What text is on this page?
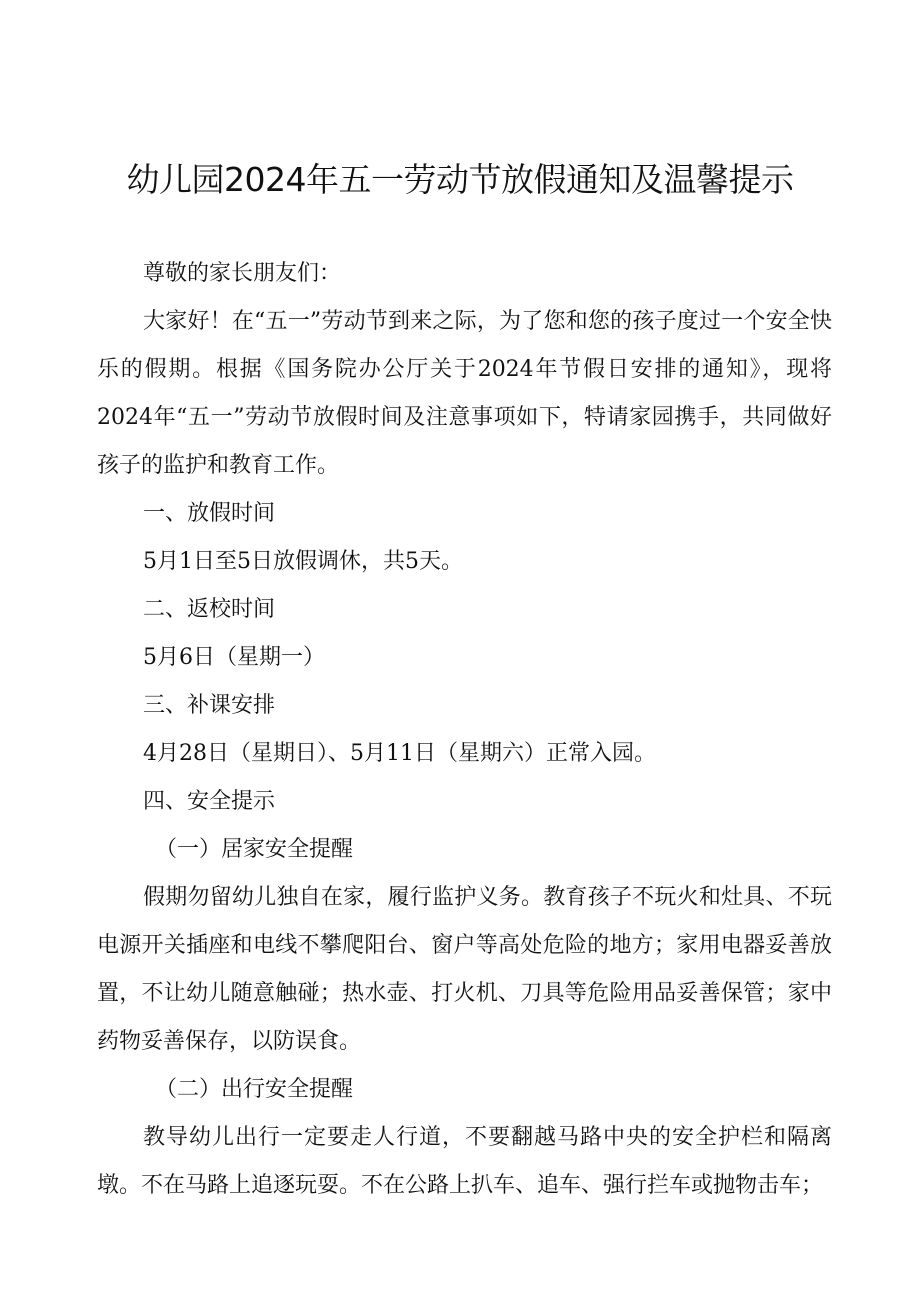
幼儿园2024年五一劳动节放假通知及温馨提示

尊敬的家长朋友们：

大家好！在“五一”劳动节到来之际，为了您和您的孩子度过一个安全快乐的假期。根据《国务院办公厅关于2024年节假日安排的通知》，现将2024年“五一”劳动节放假时间及注意事项如下，特请家园携手，共同做好孩子的监护和教育工作。

一、放假时间

5月1日至5日放假调休，共5天。

二、返校时间

5月6日（星期一）

三、补课安排

4月28日（星期日）、5月11日（星期六）正常入园。

四、安全提示

（一）居家安全提醒

假期勿留幼儿独自在家，履行监护义务。教育孩子不玩火和灶具、不玩电源开关插座和电线不攀爬阳台、窗户等高处危险的地方；家用电器妥善放置，不让幼儿随意触碰；热水壶、打火机、刀具等危险用品妥善保管；家中药物妥善保存，以防误食。

（二）出行安全提醒

教导幼儿出行一定要走人行道，不要翻越马路中央的安全护栏和隔离墩。不在马路上追逐玩耍。不在公路上扒车、追车、强行拦车或抛物击车；
